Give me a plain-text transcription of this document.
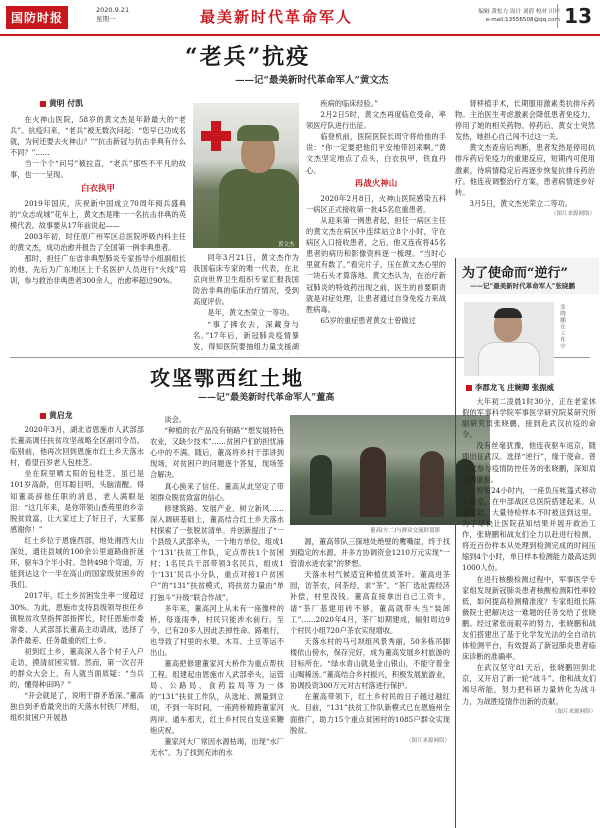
国防时报
2020.9.21
星期一	最美新时代革命军人	编辑 黄松力 设计 刘倩 校对 川岸
e-mail:13556508@qq.com 13
“老兵”抗疫
——记“最美新时代革命军人”黄文杰
黄明 付凯

在火神山医院，58岁的黄文杰是年龄最大的“老兵”。抗疫归来，“老兵”被无数次问起：“您早已功成名就，为何还要去火神山？”“抗击新冠与抗击非典有什么不同？”……

当一个个“问号”被拉直，“老兵”那些不平凡的故事，也一一呈现。

白衣执甲

2019年国庆，庆祝新中国成立70周年阅兵盛典的“众志成城”花车上，黄文杰是唯一一名抗击非典的英模代表。故事要从17年前说起——

2003年初，时任原广州军区总医院呼吸内科主任的黄文杰，成功治愈并报告了全国第一例非典患者。

那时，担任广东省非典型肺炎专家指导小组副组长的他，先后为广东地区上千名医护人员进行“火线”培训，参与救治非典患者300余人，治愈率超过90%。

黄文杰

同年3月21日，黄文杰作为我国临床专家的唯一代表，在北京向世界卫生组织专家汇报我国防治非典的临床治疗情况，受到高度评价。

是年，黄文杰荣立一等功。

“事了拂衣去，深藏身与名。”17年后，新冠肺炎疫情暴发，得知医院要抽组力量支援湖

疾病的临床经验。”

2月2日5时，黄文杰再度临危受命，率领医疗队进行出征。

临登机前，医院医院长周守将给他的手说：“你一定要把他们平安地带回来啊。”黄文杰坚定地点了点头，白衣执甲，铁血丹心。

再战火神山

2020年2月8日，火神山医院感染五科一病区正式接收第一批45名危重患者。

从迎来第一例患者起，担任一病区主任的黄文杰在病区中连续站立8个小时，守在病区入口接收患者，之后，他又连夜将45名患者的病历和影像资料逐一梳理。“当时心里就有数了，”看完片子，压在黄文杰心里的一块石头才算落地。黄文杰认为，在治疗新冠肺炎的特效药出现之前，医生的首要职责就是对症处理，让患者通过自身免疫力来战胜病毒。

65岁的重症患者黄女士曾做过

肾移植手术，长期服用激素类抗排斥药物。主治医生考虑激素会降低患者免疫力，停用了她的相关药物。停药后，黄女士突然发热，她担心自己闯不过这一关。

黄文杰查房后判断，患者发热是停用抗排斥药后免疫力的重建反应，短期内可使用激素，待病情稳定后再逐步恢复抗排斥药治疗。他连夜调整治疗方案，患者病情逐步好转。

3月5日，黄文杰光荣立二等功。

（图片来源网络）

攻坚鄂西红土地
——记“最美新时代革命军人”董高
黄启龙

2020年3月，湖北省恩施市人武部部长董高调任扶贫攻坚战略全区副司令员。临别前，他再次回到恩施市红土乡天落水村，看望百岁老人包桂芝。

坐在院里晒太阳的包桂芝，虽已是101岁高龄，但耳聪目明，头脑清醒。得知董高辞他任职的消息，老人满眼是泪：“这几年来，是你带领山香苑里的乡亲脱贫致富，让大家过上了好日子，大家都感谢你！”

红土乡位于恩施西部，地处湘西大山深处，通往县城的100余公里道路曲折迷环，驱车3个半小时。急转498个弯道，万能到达这个一半在高山的国家级贫困乡的我们。

2017年，红土乡贫困发生率一度超过30%。为此，恩施市支持县级领导担任乡镇脱贫攻坚指挥部指挥长，时任恩施市委常委、人武部部长董高主动请战，选择了条件最差、任务最重的红土乡。

初到红土乡，董高深入各个村子入户走访，摸清贫困实情。然而，第一次召开的群众大会上，有人就当面质疑：“当兵的，懂得种田吗？”

“开会就是了，说明干群矛盾深。”董高独自到矛盾最突出的天落水村铁厂坪组，组织贫困户开展恳

谈会。

“种植的农产品没有销路”“想发展特色农业，又缺少技术”……贫困户们的担忧涌心中的不满。随后，董高将乡村干部讲到现场，对贫困户的问题逐个答复，现场签合解决。

真心换来了信任。董高从此坚定了带领群众脱贫致富的信心。

修建筑路、发展产业、树立新风……深入调研基础上，董高结合红土乡天落水村探索了一张脱贫清单。并创新提出了“一个县级人武部牵头，一个地方单位，组成1个‘131’扶贫工作队，定点帮扶1个贫困村；1名民兵干部带领3名民兵，组成1个‘131’民兵小分队，重点对接1户贫困户”的“131”扶贫模式，将扶贫力量由“单打独斗”升级“联合作战”。

多年来，董高河上从未有一座像样的桥，每逢雨季，村民只能涉水前行。至今，已有20多人因此丢掉性命。路难行，也导致了村里的水果、木耳、土豆等运不出山。

董高把修建董家河大桥作为重点帮扶工程。组建起由恩施市人武部牵头，运管局、公路局、食药监局等为一体的“131”扶贫工作队，从选址、测量到立项，不到一年时间，一座跨桥精跨董家河两岸。通车那天，红土乡村民自发送来鞭炮庆祝。

董家河大厂常因水源枯竭，出现“水厂无水”。为了找到充沛的水

董高(左二)与群众交流时留影

源，董高带队三探地处绝壁的鹰嘴崖，终于找到稳定的水源。并多方协调资金1210万元实现“一管清水进农家”的梦想。

天落水村气候适宜种植优质茶叶。董高进茶园，访茶农，问茶经，求“茶”。“茶厂选址需经济补偿，村里没钱。董高直接拿出自己工资卡，请“茶厂基建用砖不够，董高就带头当“装卸工”……2020年4月，茶厂如期建成，辐射周边9个村民小组720户茶农实现增收。

天落水村的马弓坝组风景秀丽，50多栋吊脚楼依山傍水，保存完好，成为董高发展乡村旅游的目标所在。“绿水青山就是金山银山，不能守着金山喝稀汤。”董高结合乡村振兴，积极发展旅游业，协调投资300万元对古村落进行保护。

在董高带领下，红土乡村民的日子越过越红火。目前，“131”扶贫工作队新模式已在恩施州全面推广，助力15个重点贫困村的1085户群众实现脱贫。

（图片来源网络）

为了使命而“逆行”
——记“最美新时代革命军人”张晓鹏
张晓鹏在工作中
李郡龙飞 庄婉卿 张振威

大年初二凌晨1时30分，正在老家休假的军事科学院军事医学研究院某研究所副研究员张晓鹏，接到赴武汉抗疫的命令。

没有丝毫犹豫，他连夜驱车返京，随即出征武汉。选择“逆行”，缘于使命。曾多次参与疫情防控任务的张晓鹏，深知肩上的重担。

短短24小时内，一座负压帐篷式移动实验室，在中部战区总医院搭建起来。从那天起，大量待检样本不时被送到这里。为了尽快让医院获知结果并展开救治工作，张晓鹏和战友们全力以赴进行检测，将近百份样本从处理到检测完成的时间压缩到4个小时，单日样本检测能力最高达到1000人份。

在进行核酸检测过程中，军事医学专家组发现新冠肺炎患者核酸检测阳性率较低，如何提高检测精准度？专家组组长陈薇院士把解决这一难题的任务交给了张晓鹏。经过紧张而艰辛的努力，张晓鹏和战友们搭建出了基于化学发光法的全自动抗体检测平台，有效提高了新冠肺炎患者临床诊断的准确率。

在武汉坚守81天后，张晓鹏回到北京，又开启了新一轮“战斗”。他和战友们竭尽所能，努力把科研力量转化为战斗力，为战胜疫情作出新的贡献。

（图片来源网络）
